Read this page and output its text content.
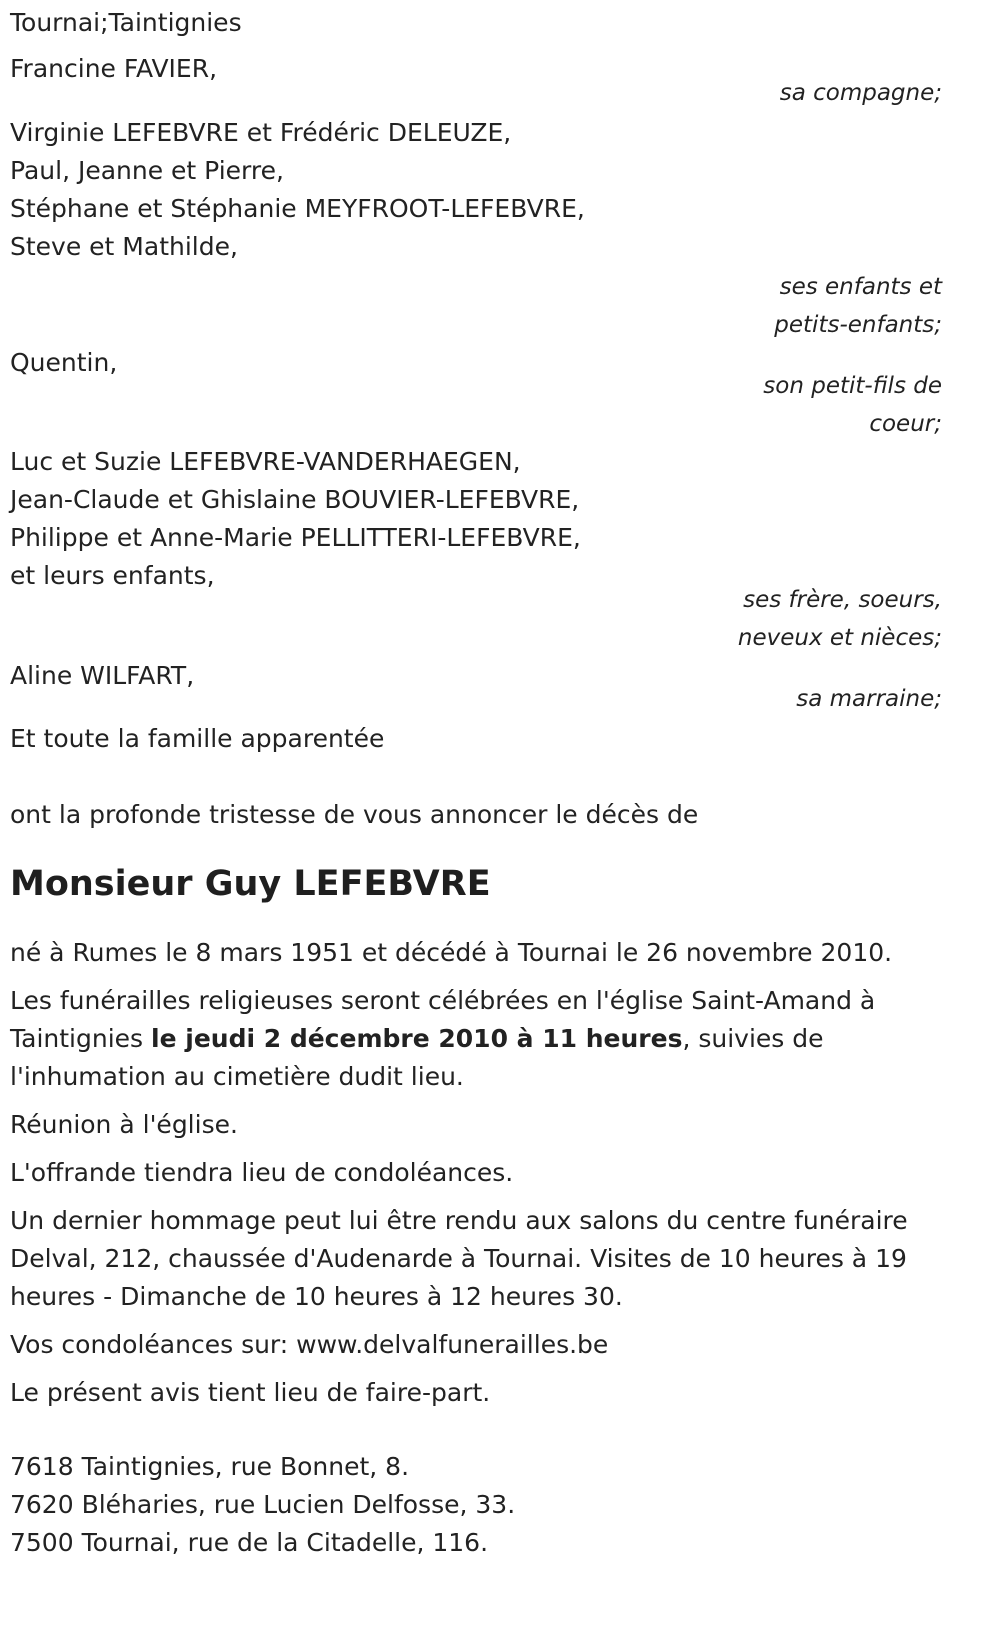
Tournai;Taintignies
Francine FAVIER,
sa compagne;
Virginie LEFEBVRE et Frédéric DELEUZE,
Paul, Jeanne et Pierre,
Stéphane et Stéphanie MEYFROOT-LEFEBVRE,
Steve et Mathilde,
ses enfants et
petits-enfants;
Quentin,
son petit-fils de
coeur;
Luc et Suzie LEFEBVRE-VANDERHAEGEN,
Jean-Claude et Ghislaine BOUVIER-LEFEBVRE,
Philippe et Anne-Marie PELLITTERI-LEFEBVRE,
et leurs enfants,
ses frère, soeurs,
neveux et nièces;
Aline WILFART,
sa marraine;
Et toute la famille apparentée
ont la profonde tristesse de vous annoncer le décès de
Monsieur Guy LEFEBVRE
né à Rumes le 8 mars 1951 et décédé à Tournai le 26 novembre 2010.
Les funérailles religieuses seront célébrées en l'église Saint-Amand à Taintignies le jeudi 2 décembre 2010 à 11 heures, suivies de l'inhumation au cimetière dudit lieu.
Réunion à l'église.
L'offrande tiendra lieu de condoléances.
Un dernier hommage peut lui être rendu aux salons du centre funéraire Delval, 212, chaussée d'Audenarde à Tournai. Visites de 10 heures à 19 heures - Dimanche de 10 heures à 12 heures 30.
Vos condoléances sur: www.delvalfunerailles.be
Le présent avis tient lieu de faire-part.
7618 Taintignies, rue Bonnet, 8.
7620 Bléharies, rue Lucien Delfosse, 33.
7500 Tournai, rue de la Citadelle, 116.
